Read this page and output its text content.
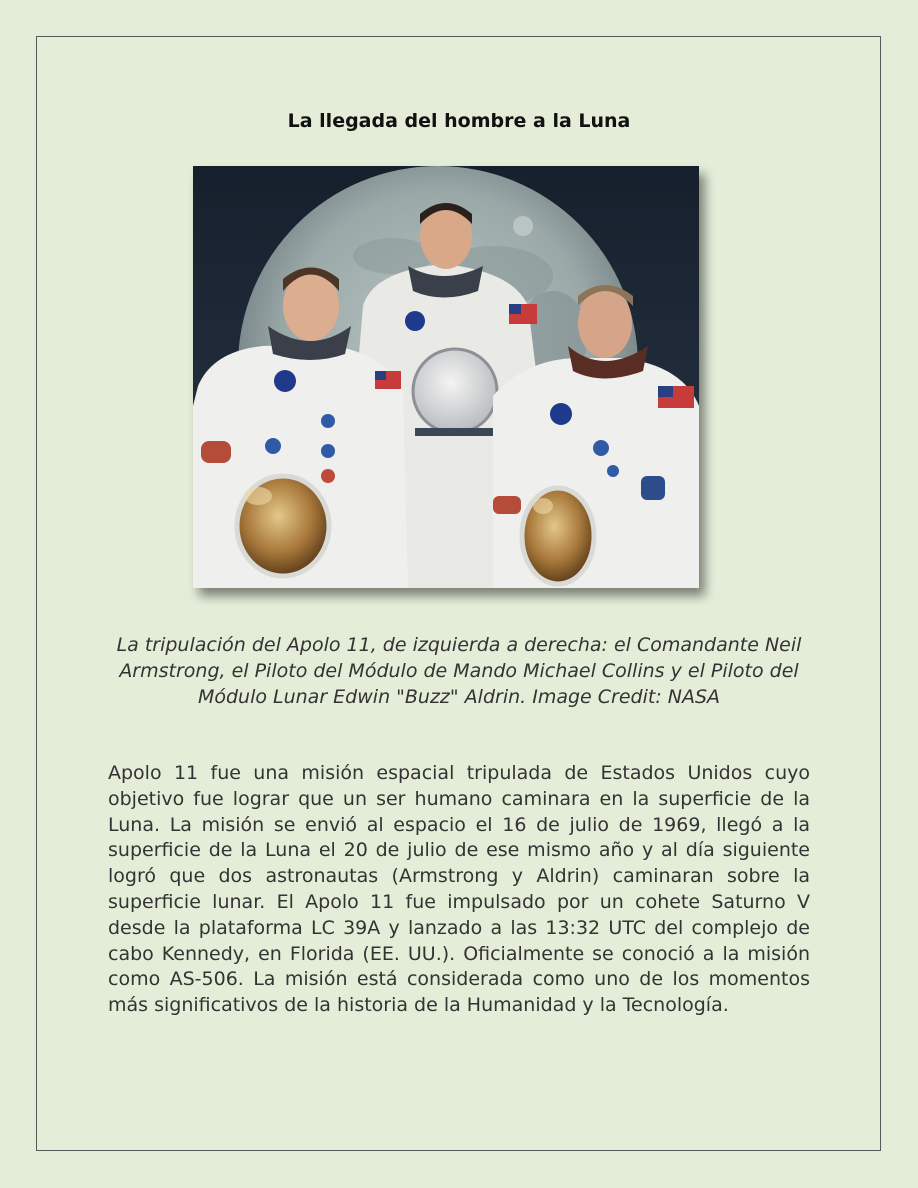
La llegada del hombre a la Luna

La tripulación del Apolo 11, de izquierda a derecha: el Comandante Neil Armstrong, el Piloto del Módulo de Mando Michael Collins y el Piloto del Módulo Lunar Edwin "Buzz" Aldrin. Image Credit: NASA

Apolo 11 fue una misión espacial tripulada de Estados Unidos cuyo objetivo fue lograr que un ser humano caminara en la superficie de la Luna. La misión se envió al espacio el 16 de julio de 1969, llegó a la superficie de la Luna el 20 de julio de ese mismo año y al día siguiente logró que dos astronautas (Armstrong y Aldrin) caminaran sobre la superficie lunar. El Apolo 11 fue impulsado por un cohete Saturno V desde la plataforma LC 39A y lanzado a las 13:32 UTC del complejo de cabo Kennedy, en Florida (EE. UU.). Oficialmente se conoció a la misión como AS-506. La misión está considerada como uno de los momentos más significativos de la historia de la Humanidad y la Tecnología.
